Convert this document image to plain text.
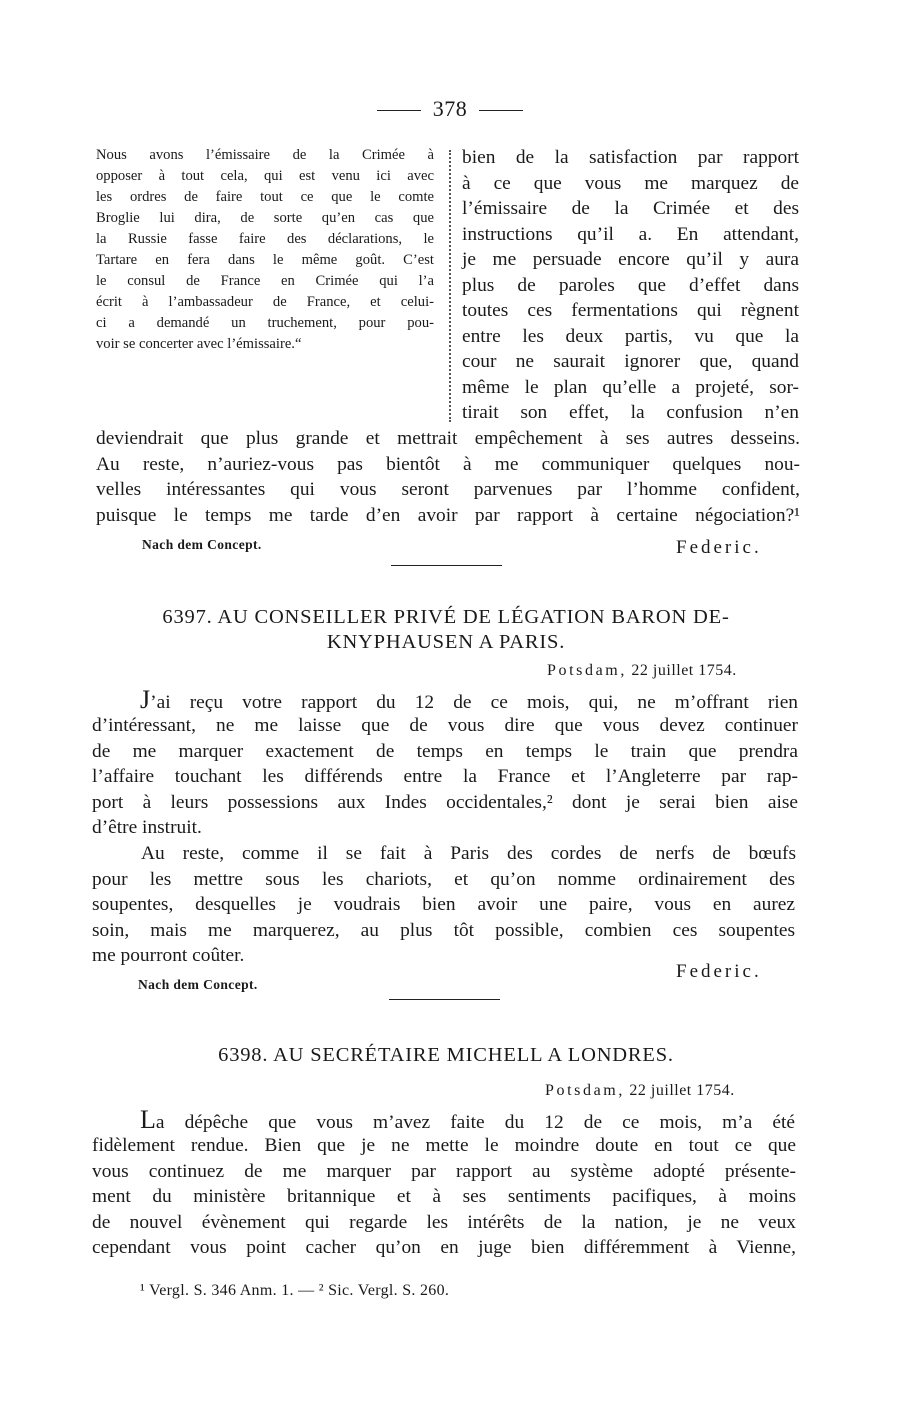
378
Nous avons l’émissaire de la Crimée à
opposer à tout cela, qui est venu ici avec
les ordres de faire tout ce que le comte
Broglie lui dira, de sorte qu’en cas que
la Russie fasse faire des déclarations, le
Tartare en fera dans le même goût. C’est
le consul de France en Crimée qui l’a
écrit à l’ambassadeur de France, et celui-
ci a demandé un truchement, pour pou-
voir se concerter avec l’émissaire.“
bien de la satisfaction par rapport
à ce que vous me marquez de
l’émissaire de la Crimée et des
instructions qu’il a. En attendant,
je me persuade encore qu’il y aura
plus de paroles que d’effet dans
toutes ces fermentations qui règnent
entre les deux partis, vu que la
cour ne saurait ignorer que, quand
même le plan qu’elle a projeté, sor-
tirait son effet, la confusion n’en
deviendrait que plus grande et mettrait empêchement à ses autres desseins.
Au reste, n’auriez-vous pas bientôt à me communiquer quelques nou-
velles intéressantes qui vous seront parvenues par l’homme confident,
puisque le temps me tarde d’en avoir par rapport à certaine négociation?¹
Nach dem Concept.	Federic.
6397. AU CONSEILLER PRIVÉ DE LÉGATION BARON DE-
KNYPHAUSEN A PARIS.
Potsdam, 22 juillet 1754.
J’ai reçu votre rapport du 12 de ce mois, qui, ne m’offrant rien
d’intéressant, ne me laisse que de vous dire que vous devez continuer
de me marquer exactement de temps en temps le train que prendra
l’affaire touchant les différends entre la France et l’Angleterre par rap-
port à leurs possessions aux Indes occidentales,² dont je serai bien aise
d’être instruit.
Au reste, comme il se fait à Paris des cordes de nerfs de bœufs
pour les mettre sous les chariots, et qu’on nomme ordinairement des
soupentes, desquelles je voudrais bien avoir une paire, vous en aurez
soin, mais me marquerez, au plus tôt possible, combien ces soupentes
me pourront coûter.
Federic.
Nach dem Concept.
6398. AU SECRÉTAIRE MICHELL A LONDRES.
Potsdam, 22 juillet 1754.
La dépêche que vous m’avez faite du 12 de ce mois, m’a été
fidèlement rendue. Bien que je ne mette le moindre doute en tout ce que
vous continuez de me marquer par rapport au système adopté présente-
ment du ministère britannique et à ses sentiments pacifiques, à moins
de nouvel évènement qui regarde les intérêts de la nation, je ne veux
cependant vous point cacher qu’on en juge bien différemment à Vienne,
¹ Vergl. S. 346 Anm. 1. — ² Sic. Vergl. S. 260.
